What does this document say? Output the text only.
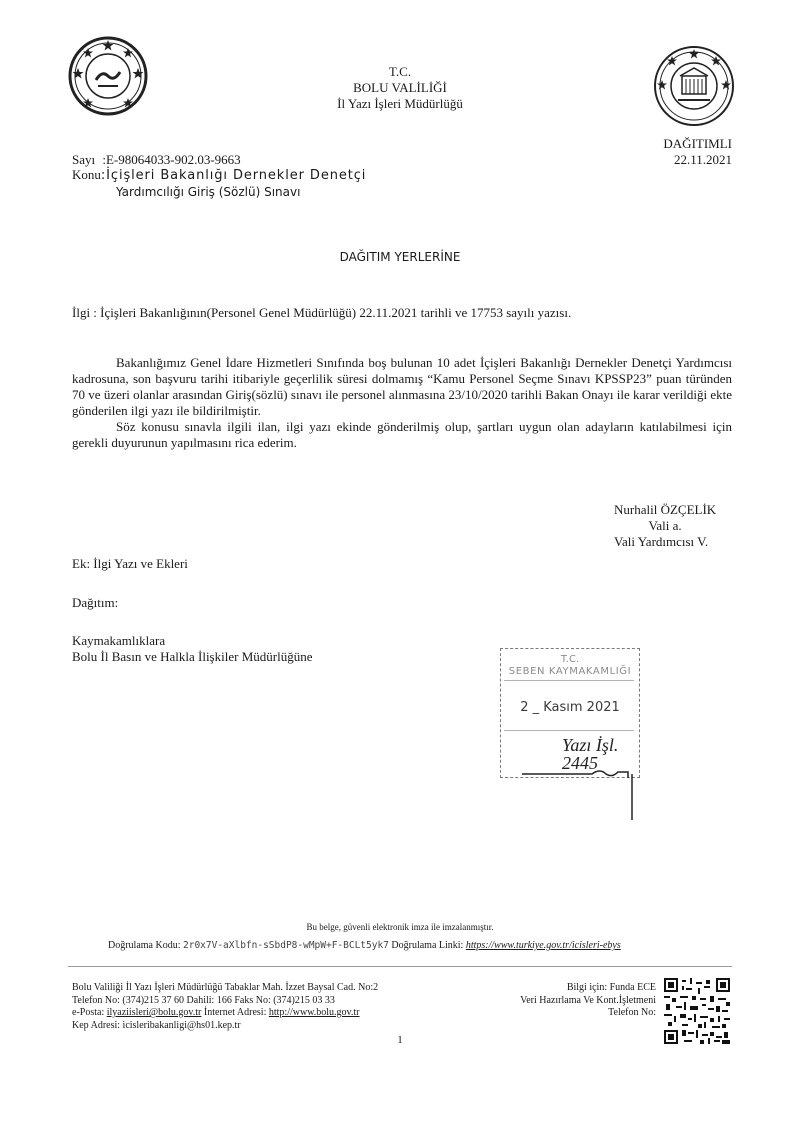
T.C.
BOLU VALİLİĞİ
İl Yazı İşleri Müdürlüğü
DAĞITIMLI
22.11.2021
Sayı :E-98064033-902.03-9663
Konu:İçişleri Bakanlığı Dernekler Denetçi
Yardımcılığı Giriş (Sözlü) Sınavı
DAĞITIM YERLERİNE
İlgi : İçişleri Bakanlığının(Personel Genel Müdürlüğü) 22.11.2021 tarihli ve 17753 sayılı yazısı.

Bakanlığımız Genel İdare Hizmetleri Sınıfında boş bulunan 10 adet İçişleri Bakanlığı Dernekler Denetçi Yardımcısı kadrosuna, son başvuru tarihi itibariyle geçerlilik süresi dolmamış “Kamu Personel Seçme Sınavı KPSSP23” puan türünden 70 ve üzeri olanlar arasından Giriş(sözlü) sınavı ile personel alınmasına 23/10/2020 tarihli Bakan Onayı ile karar verildiği ekte gönderilen ilgi yazı ile bildirilmiştir.

Söz konusu sınavla ilgili ilan, ilgi yazı ekinde gönderilmiş olup, şartları uygun olan adayların katılabilmesi için gerekli duyurunun yapılmasını rica ederim.

Nurhalil ÖZÇELİK
Vali a.
Vali Yardımcısı V.
Ek: İlgi Yazı ve Ekleri
Dağıtım:
Kaymakamlıklara
Bolu İl Basın ve Halkla İlişkiler Müdürlüğüne	T.C.
SEBEN KAYMAKAMLIĞI
2 _ Kasım 2021
Yazı İşl.
2445
Bu belge, güvenli elektronik imza ile imzalanmıştır.
Doğrulama Kodu: 2r0x7V-aXlbfn-sSbdP8-wMpW+F-BCLt5yk7 Doğrulama Linki: https://www.turkiye.gov.tr/icisleri-ebys
Bolu Valiliği İl Yazı İşleri Müdürlüğü Tabaklar Mah. İzzet Baysal Cad. No:2
Telefon No: (374)215 37 60 Dahili: 166 Faks No: (374)215 03 33
e-Posta: ilyaziisleri@bolu.gov.tr İnternet Adresi: http://www.bolu.gov.tr
Kep Adresi: icisleribakanligi@hs01.kep.tr
Bilgi için: Funda ECE
Veri Hazırlama Ve Kont.İşletmeni
Telefon No:
1
